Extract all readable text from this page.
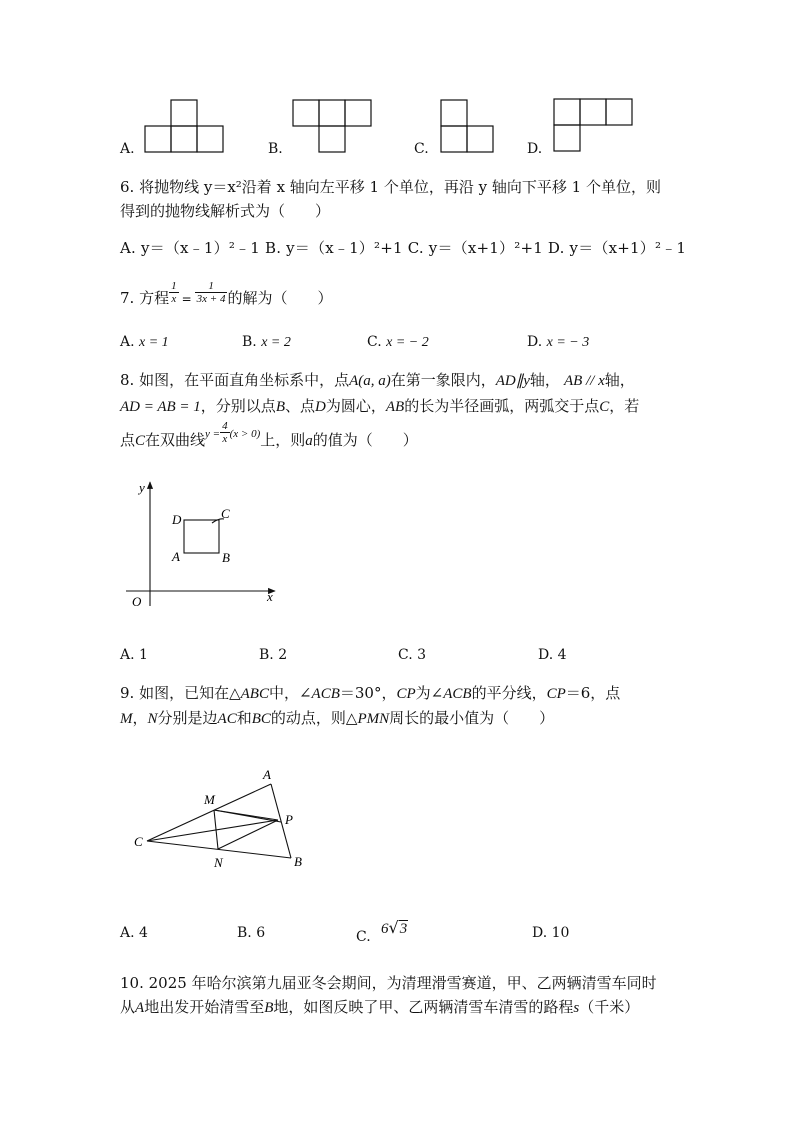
A.	B.	C.	D.
6. 将抛物线 y＝x²沿着 x 轴向左平移 1 个单位，再沿 y 轴向下平移 1 个单位，则
得到的抛物线解析式为（　　）
A. y＝（x﹣1）²﹣1 B. y＝（x﹣1）²+1 C. y＝（x+1）²+1 D. y＝（x+1）²﹣1
7. 方程 $\frac{1}{x} = \frac{1}{3x + 4}$ 的解为（　　）
A. x = 1	B. x = 2	C. x = − 2	D. x = − 3
8. 如图，在平面直角坐标系中，点A(a, a)在第一象限内，AD∥y轴， AB // x轴，
AD = AB = 1，分别以点B、点D为圆心，AB的长为半径画弧，两弧交于点C，若
点C在双曲线$^{y =} \frac{4}{x} ^{(x > 0)}$上，则a的值为（　　）
y
x
O
D	C
A	B
A. 1	B. 2	C. 3	D. 4
9. 如图，已知在△ABC中，∠ACB＝30°，CP为∠ACB的平分线，CP＝6，点
M，N分别是边AC和BC的动点，则△PMN周长的最小值为（　　）
A
M
P
C
N	B
A. 4	B. 6	C. 6√3	D. 10
10. 2025 年哈尔滨第九届亚冬会期间，为清理滑雪赛道，甲、乙两辆清雪车同时
从A地出发开始清雪至B地，如图反映了甲、乙两辆清雪车清雪的路程s（千米）
